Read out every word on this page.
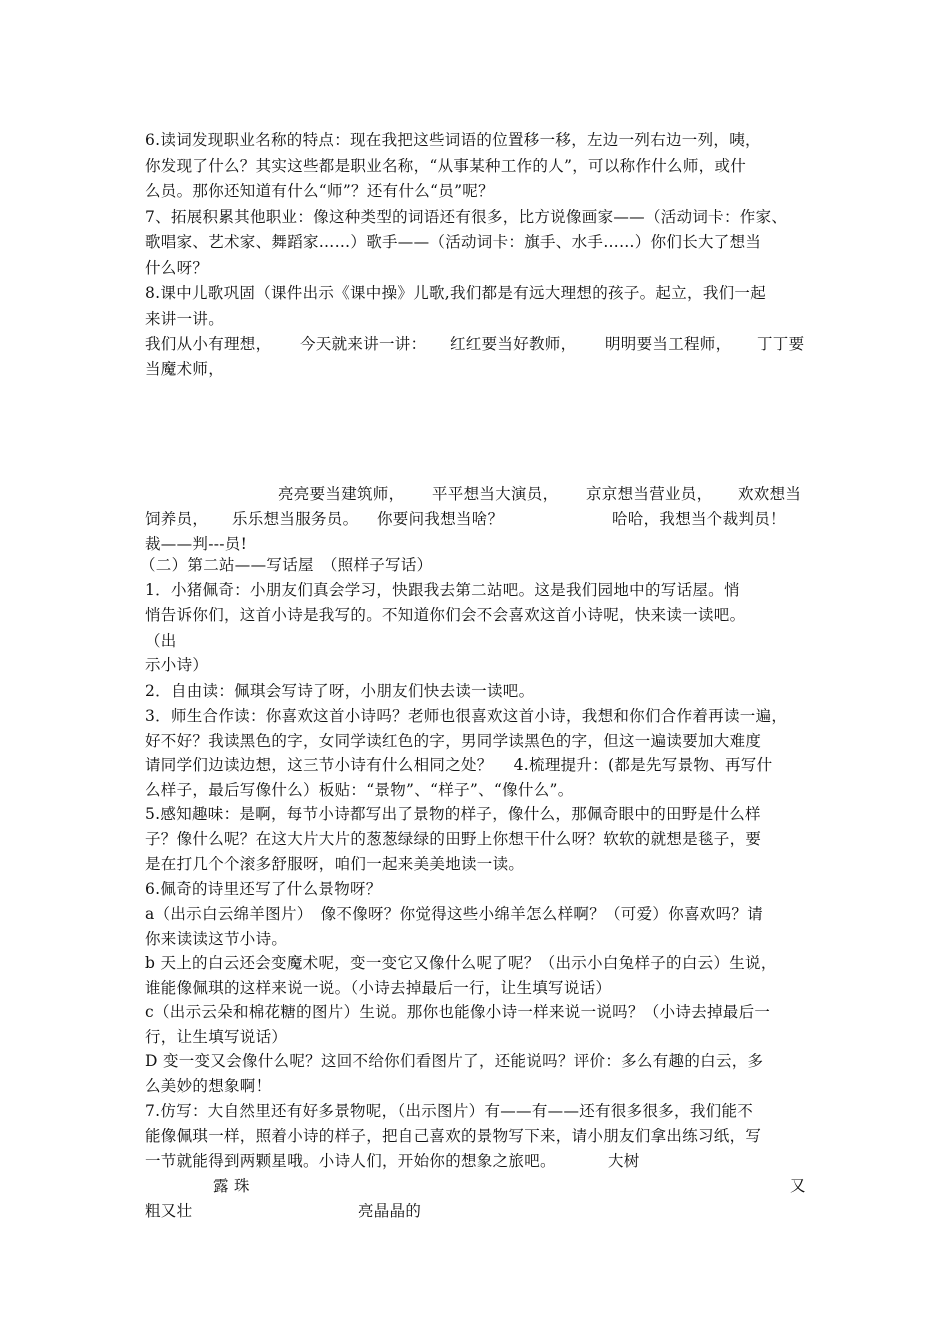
6.读词发现职业名称的特点：现在我把这些词语的位置移一移，左边一列右边一列，咦，
你发现了什么？其实这些都是职业名称，“从事某种工作的人”，可以称作什么师，或什
么员。那你还知道有什么“师”？还有什么“员”呢？
7、拓展积累其他职业：像这种类型的词语还有很多，比方说像画家——（活动词卡：作家、
歌唱家、艺术家、舞蹈家……）歌手——（活动词卡：旗手、水手……）你们长大了想当
什么呀？
8.课中儿歌巩固（课件出示《课中操》儿歌,我们都是有远大理想的孩子。起立，我们一起
来讲一讲。
我们从小有理想， 今天就来讲一讲： 红红要当好教师， 明明要当工程师， 丁丁要
当魔术师，
亮亮要当建筑师， 平平想当大演员， 京京想当营业员， 欢欢想当
饲养员， 乐乐想当服务员。 你要问我想当啥？	哈哈，我想当个裁判员！
裁——判---员!
（二）第二站——写话屋　（照样子写话）
1．小猪佩奇：小朋友们真会学习，快跟我去第二站吧。这是我们园地中的写话屋。悄
悄告诉你们，这首小诗是我写的。不知道你们会不会喜欢这首小诗呢，快来读一读吧。
（出
示小诗）
2．自由读：佩琪会写诗了呀，小朋友们快去读一读吧。
3．师生合作读：你喜欢这首小诗吗？老师也很喜欢这首小诗，我想和你们合作着再读一遍，
好不好？我读黑色的字，女同学读红色的字，男同学读黑色的字，但这一遍读要加大难度
请同学们边读边想，这三节小诗有什么相同之处？　 4.梳理提升：(都是先写景物、再写什
么样子，最后写像什么）板贴：“景物”、“样子”、“像什么”。
5.感知趣味：是啊，每节小诗都写出了景物的样子，像什么，那佩奇眼中的田野是什么样
子？像什么呢？在这大片大片的葱葱绿绿的田野上你想干什么呀？软软的就想是毯子，要
是在打几个个滚多舒服呀，咱们一起来美美地读一读。
6.佩奇的诗里还写了什么景物呀？
a（出示白云绵羊图片）　像不像呀？你觉得这些小绵羊怎么样啊？（可爱）你喜欢吗？请
你来读读这节小诗。
b 天上的白云还会变魔术呢，变一变它又像什么呢了呢？（出示小白兔样子的白云）生说，
谁能像佩琪的这样来说一说。（小诗去掉最后一行，让生填写说话）
c（出示云朵和棉花糖的图片）生说。那你也能像小诗一样来说一说吗？（小诗去掉最后一
行，让生填写说话）
D 变一变又会像什么呢？这回不给你们看图片了，还能说吗？评价：多么有趣的白云，多
么美妙的想象啊！
7.仿写：大自然里还有好多景物呢，（出示图片）有——有——还有很多很多，我们能不
能像佩琪一样，照着小诗的样子，把自己喜欢的景物写下来，请小朋友们拿出练习纸，写
一节就能得到两颗星哦。小诗人们，开始你的想象之旅吧。	大树
露 珠	又
粗又壮	亮晶晶的
